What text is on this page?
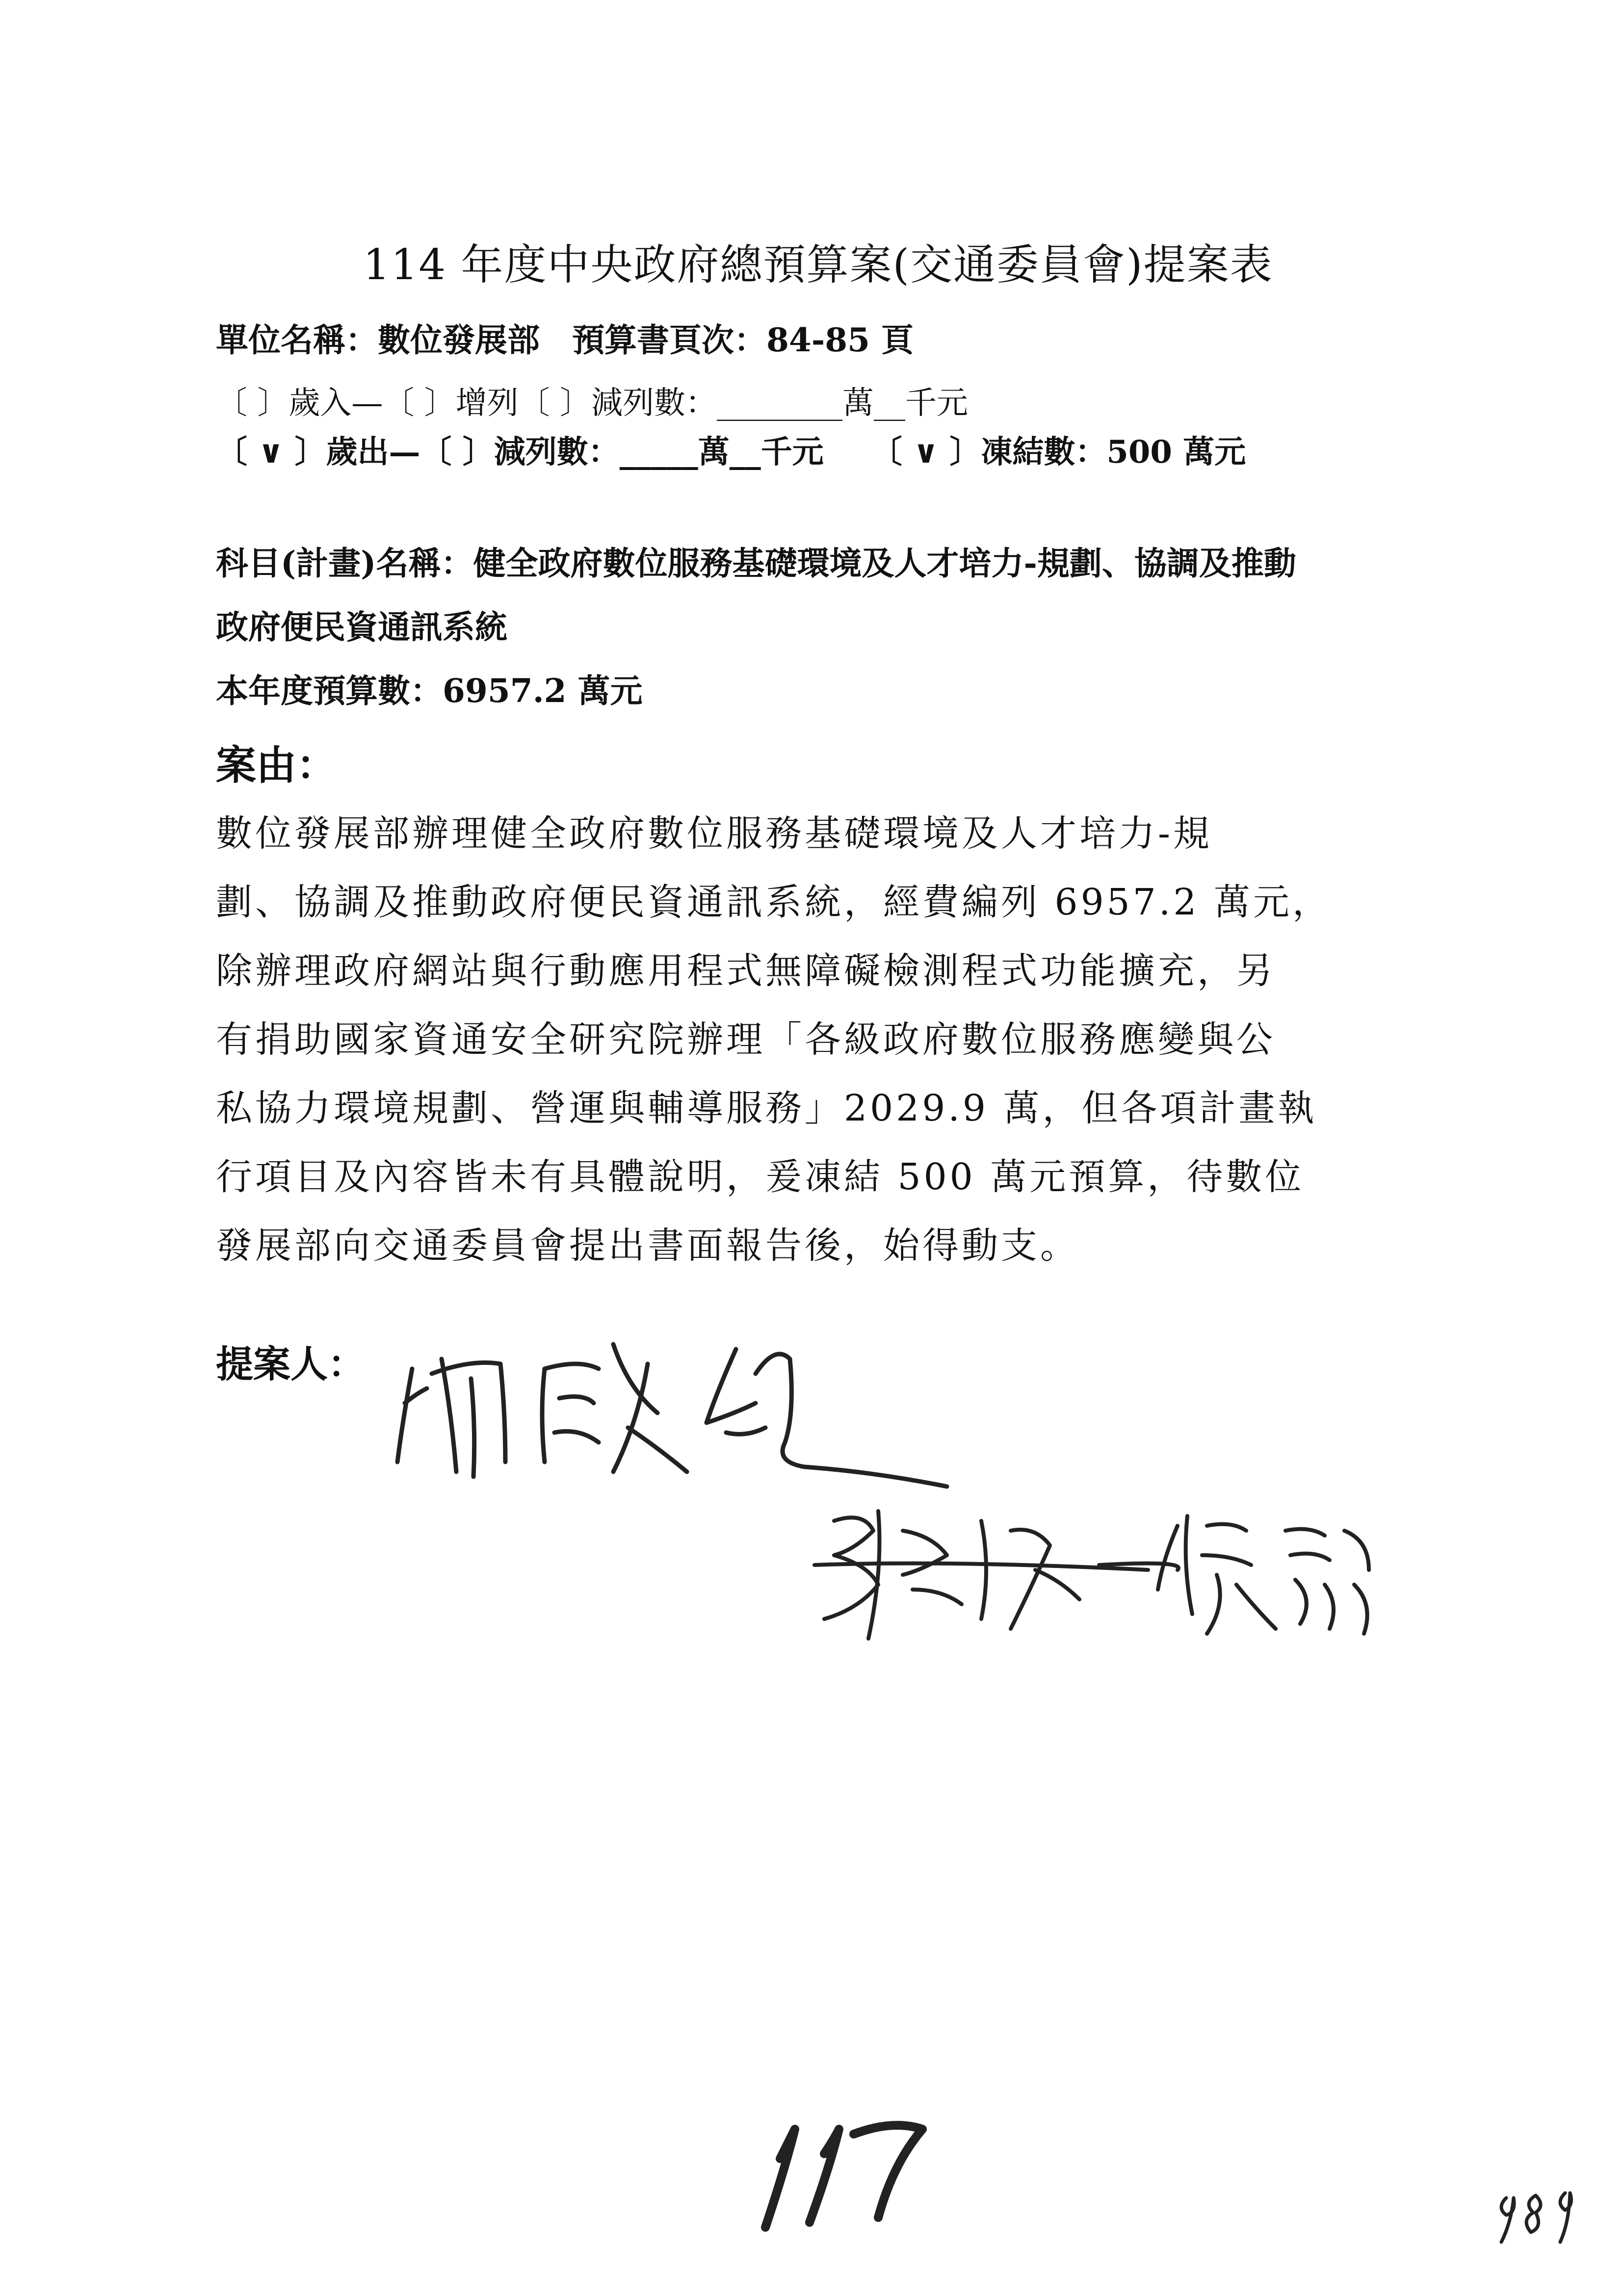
114 年度中央政府總預算案(交通委員會)提案表
單位名稱：數位發展部　預算書頁次：84-85 頁
〔 〕歲入—〔 〕增列〔 〕減列數：________萬__千元
〔 ∨ 〕歲出—〔 〕減列數：_____萬__千元　　〔 ∨ 〕凍結數：500 萬元
科目(計畫)名稱：健全政府數位服務基礎環境及人才培力-規劃、協調及推動
政府便民資通訊系統
本年度預算數：6957.2 萬元
案由：
數位發展部辦理健全政府數位服務基礎環境及人才培力-規
劃、協調及推動政府便民資通訊系統，經費編列 6957.2 萬元，
除辦理政府網站與行動應用程式無障礙檢測程式功能擴充，另
有捐助國家資通安全研究院辦理「各級政府數位服務應變與公
私協力環境規劃、營運與輔導服務」2029.9 萬，但各項計畫執
行項目及內容皆未有具體說明，爰凍結 500 萬元預算，待數位
發展部向交通委員會提出書面報告後，始得動支。
提案人：
